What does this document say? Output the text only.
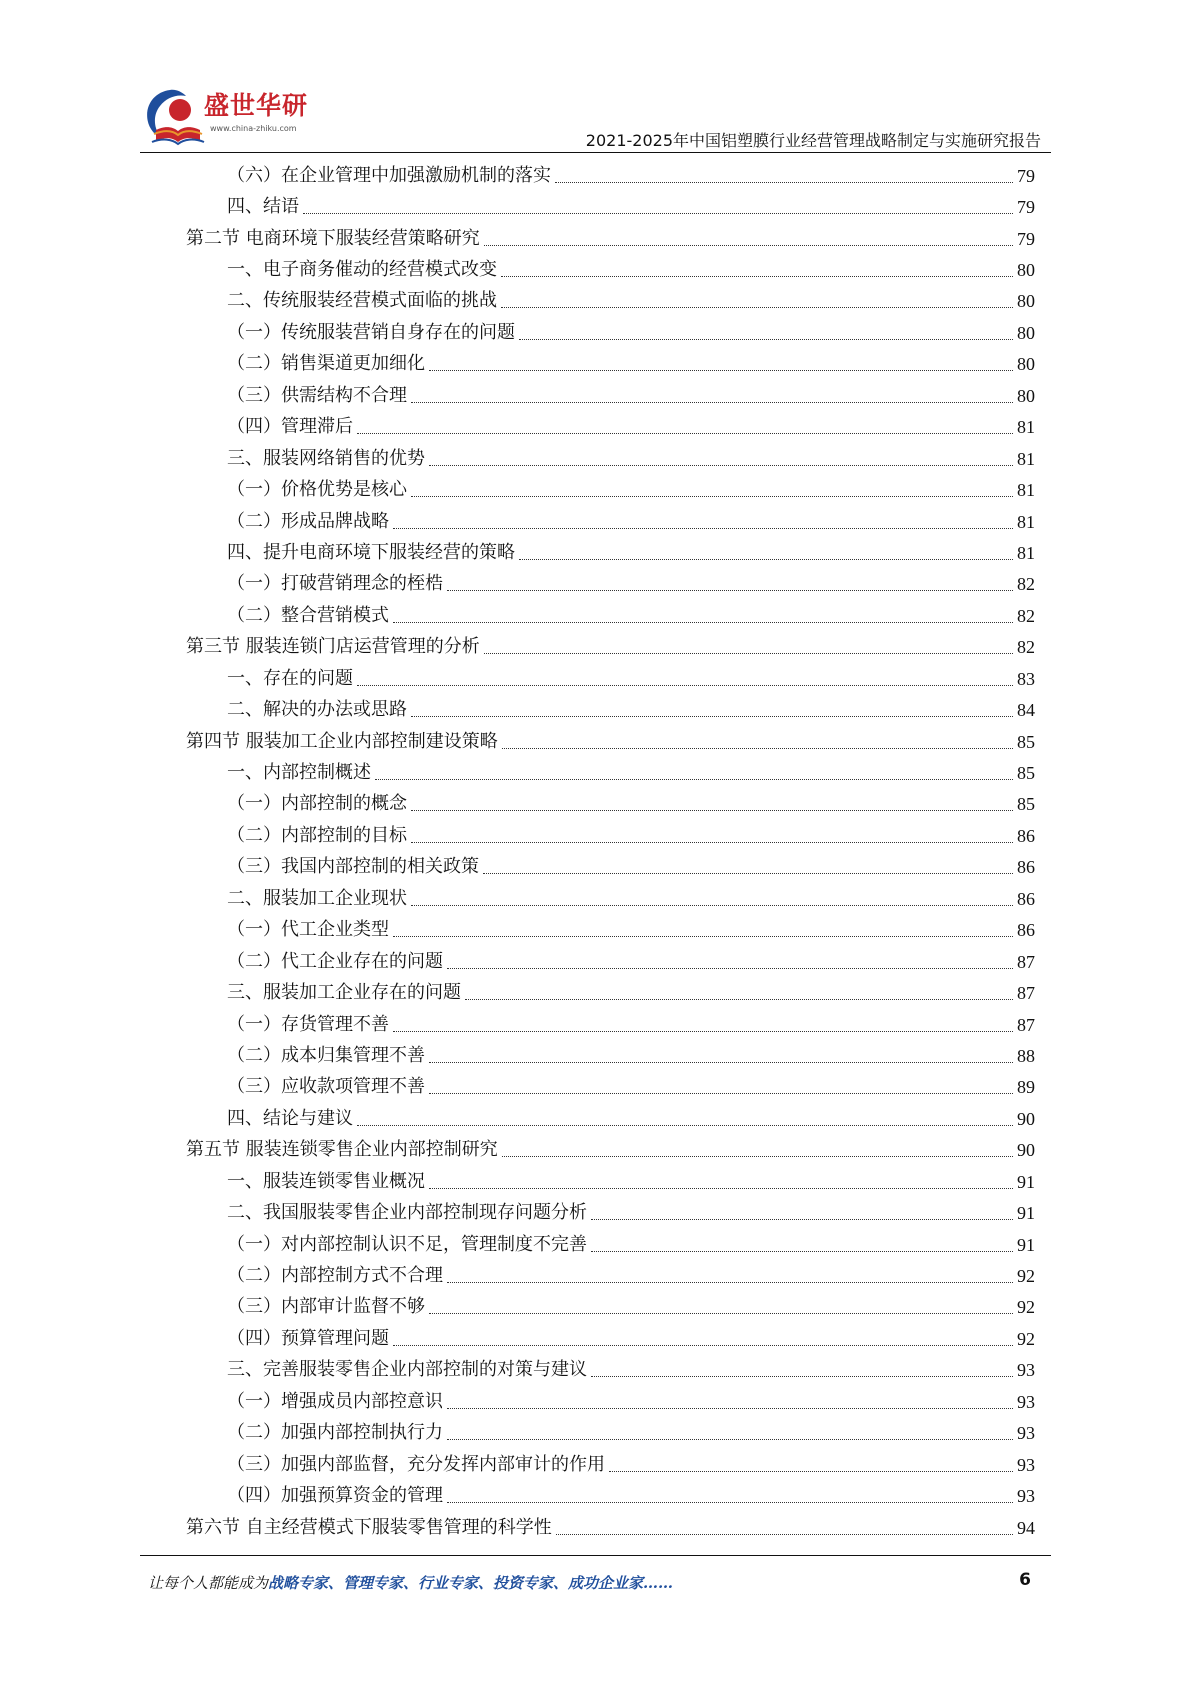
盛世华研
www.china-zhiku.com
2021-2025年中国铝塑膜行业经营管理战略制定与实施研究报告
（六）在企业管理中加强激励机制的落实	79
四、结语	79
第二节 电商环境下服装经营策略研究	79
一、电子商务催动的经营模式改变	80
二、传统服装经营模式面临的挑战	80
（一）传统服装营销自身存在的问题	80
（二）销售渠道更加细化	80
（三）供需结构不合理	80
（四）管理滞后	81
三、服装网络销售的优势	81
（一）价格优势是核心	81
（二）形成品牌战略	81
四、提升电商环境下服装经营的策略	81
（一）打破营销理念的桎梏	82
（二）整合营销模式	82
第三节 服装连锁门店运营管理的分析	82
一、存在的问题	83
二、解决的办法或思路	84
第四节 服装加工企业内部控制建设策略	85
一、内部控制概述	85
（一）内部控制的概念	85
（二）内部控制的目标	86
（三）我国内部控制的相关政策	86
二、服装加工企业现状	86
（一）代工企业类型	86
（二）代工企业存在的问题	87
三、服装加工企业存在的问题	87
（一）存货管理不善	87
（二）成本归集管理不善	88
（三）应收款项管理不善	89
四、结论与建议	90
第五节 服装连锁零售企业内部控制研究	90
一、服装连锁零售业概况	91
二、我国服装零售企业内部控制现存问题分析	91
（一）对内部控制认识不足，管理制度不完善	91
（二）内部控制方式不合理	92
（三）内部审计监督不够	92
（四）预算管理问题	92
三、完善服装零售企业内部控制的对策与建议	93
（一）增强成员内部控意识	93
（二）加强内部控制执行力	93
（三）加强内部监督，充分发挥内部审计的作用	93
（四）加强预算资金的管理	93
第六节 自主经营模式下服装零售管理的科学性	94
让每个人都能成为战略专家、管理专家、行业专家、投资专家、成功企业家……	6
